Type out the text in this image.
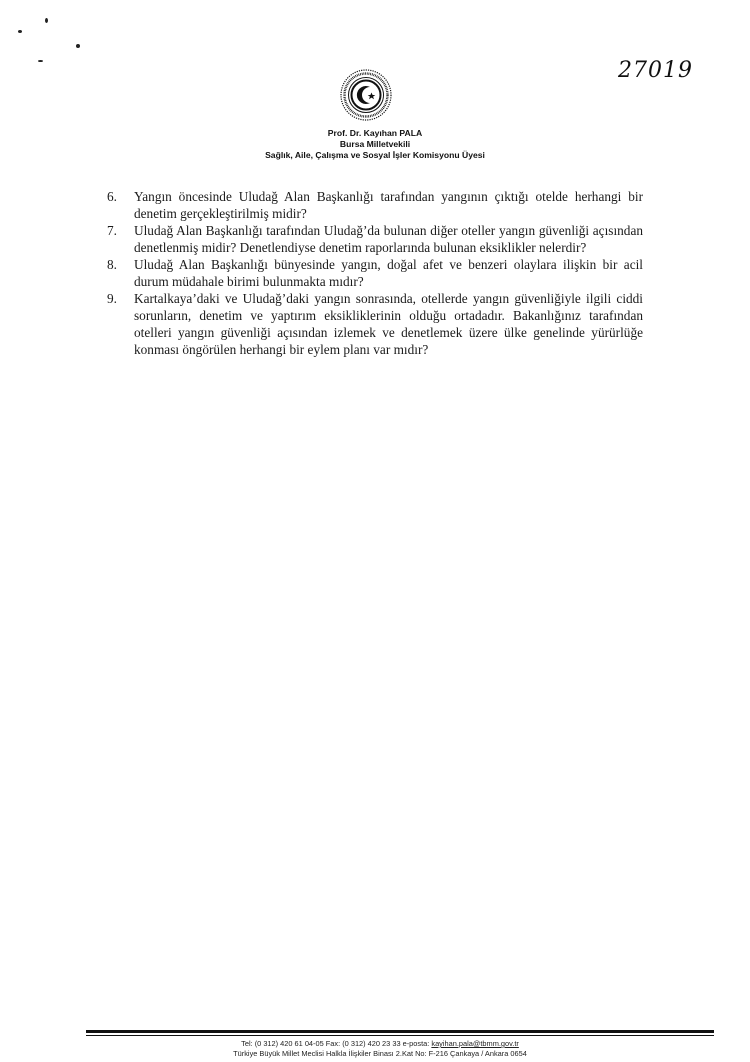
27019
Prof. Dr. Kayıhan PALA
Bursa Milletvekili
Sağlık, Aile, Çalışma ve Sosyal İşler Komisyonu Üyesi
6.	Yangın öncesinde Uludağ Alan Başkanlığı tarafından yangının çıktığı otelde herhangi bir denetim gerçekleştirilmiş midir?
7.	Uludağ Alan Başkanlığı tarafından Uludağ’da bulunan diğer oteller yangın güvenliği açısından denetlenmiş midir? Denetlendiyse denetim raporlarında bulunan eksiklikler nelerdir?
8.	Uludağ Alan Başkanlığı bünyesinde yangın, doğal afet ve benzeri olaylara ilişkin bir acil durum müdahale birimi bulunmakta mıdır?
9.	Kartalkaya’daki ve Uludağ’daki yangın sonrasında, otellerde yangın güvenliğiyle ilgili ciddi sorunların, denetim ve yaptırım eksikliklerinin olduğu ortadadır. Bakanlığınız tarafından otelleri yangın güvenliği açısından izlemek ve denetlemek üzere ülke genelinde yürürlüğe konması öngörülen herhangi bir eylem planı var mıdır?
Tel: (0 312) 420 61 04-05 Fax: (0 312) 420 23 33 e-posta: kayihan.pala@tbmm.gov.tr
Türkiye Büyük Millet Meclisi Halkla İlişkiler Binası 2.Kat No: F-216 Çankaya / Ankara 0654
